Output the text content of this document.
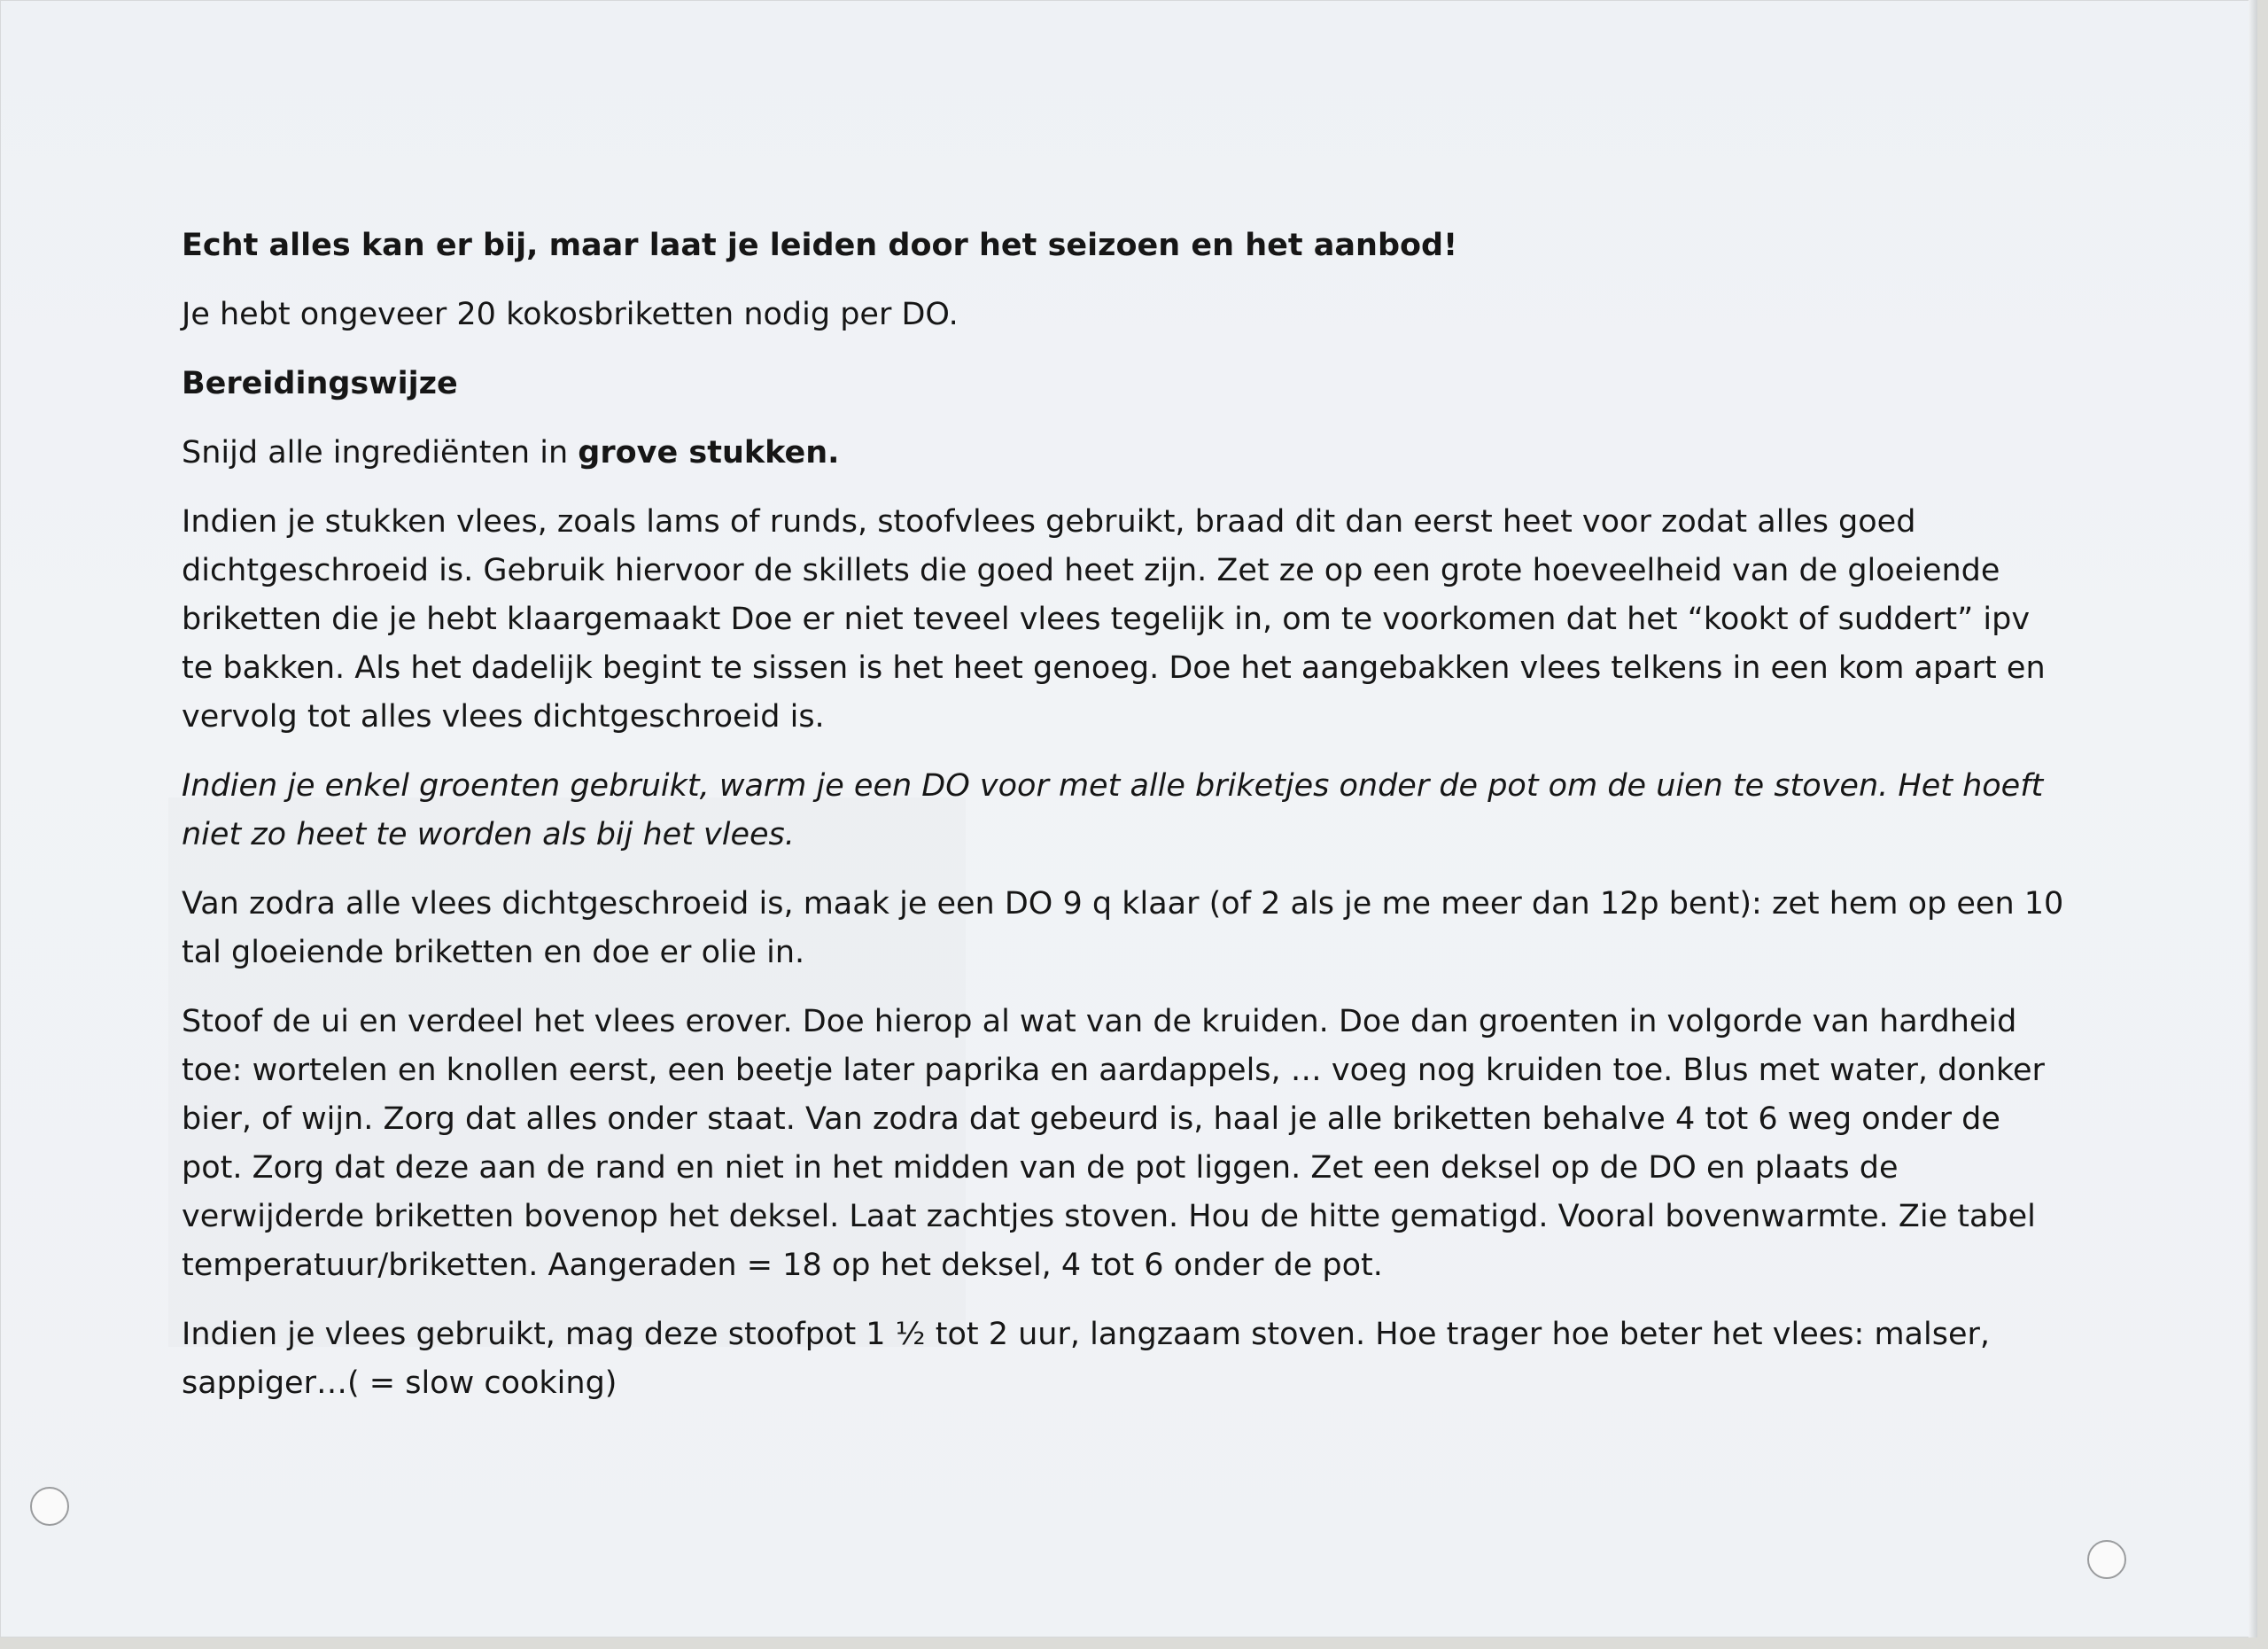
Echt alles kan er bij, maar laat je leiden door het seizoen en het aanbod!

Je hebt ongeveer 20 kokosbriketten nodig per DO.

Bereidingswijze

Snijd alle ingrediënten in grove stukken.

Indien je stukken vlees, zoals lams of runds, stoofvlees gebruikt, braad dit dan eerst heet voor zodat alles goed dichtgeschroeid is. Gebruik hiervoor de skillets die goed heet zijn. Zet ze op een grote hoeveelheid van de gloeiende briketten die je hebt klaargemaakt Doe er niet teveel vlees tegelijk in, om te voorkomen dat het “kookt of suddert” ipv te bakken. Als het dadelijk begint te sissen is het heet genoeg. Doe het aangebakken vlees telkens in een kom apart en vervolg tot alles vlees dichtgeschroeid is.

Indien je enkel groenten gebruikt, warm je een DO voor met alle briketjes onder de pot om de uien te stoven. Het hoeft niet zo heet te worden als bij het vlees.

Van zodra alle vlees dichtgeschroeid is, maak je een DO 9 q klaar (of 2 als je me meer dan 12p bent): zet hem op een 10 tal gloeiende briketten en doe er olie in.

Stoof de ui en verdeel het vlees erover. Doe hierop al wat van de kruiden. Doe dan groenten in volgorde van hardheid toe: wortelen en knollen eerst, een beetje later paprika en aardappels, … voeg nog kruiden toe. Blus met water, donker bier, of wijn. Zorg dat alles onder staat. Van zodra dat gebeurd is, haal je alle briketten behalve 4 tot 6 weg onder de pot. Zorg dat deze aan de rand en niet in het midden van de pot liggen. Zet een deksel op de DO en plaats de verwijderde briketten bovenop het deksel. Laat zachtjes stoven. Hou de hitte gematigd. Vooral bovenwarmte. Zie tabel temperatuur/briketten. Aangeraden = 18 op het deksel, 4 tot 6 onder de pot.

Indien je vlees gebruikt, mag deze stoofpot 1 ½ tot 2 uur, langzaam stoven. Hoe trager hoe beter het vlees: malser, sappiger…( = slow cooking)
